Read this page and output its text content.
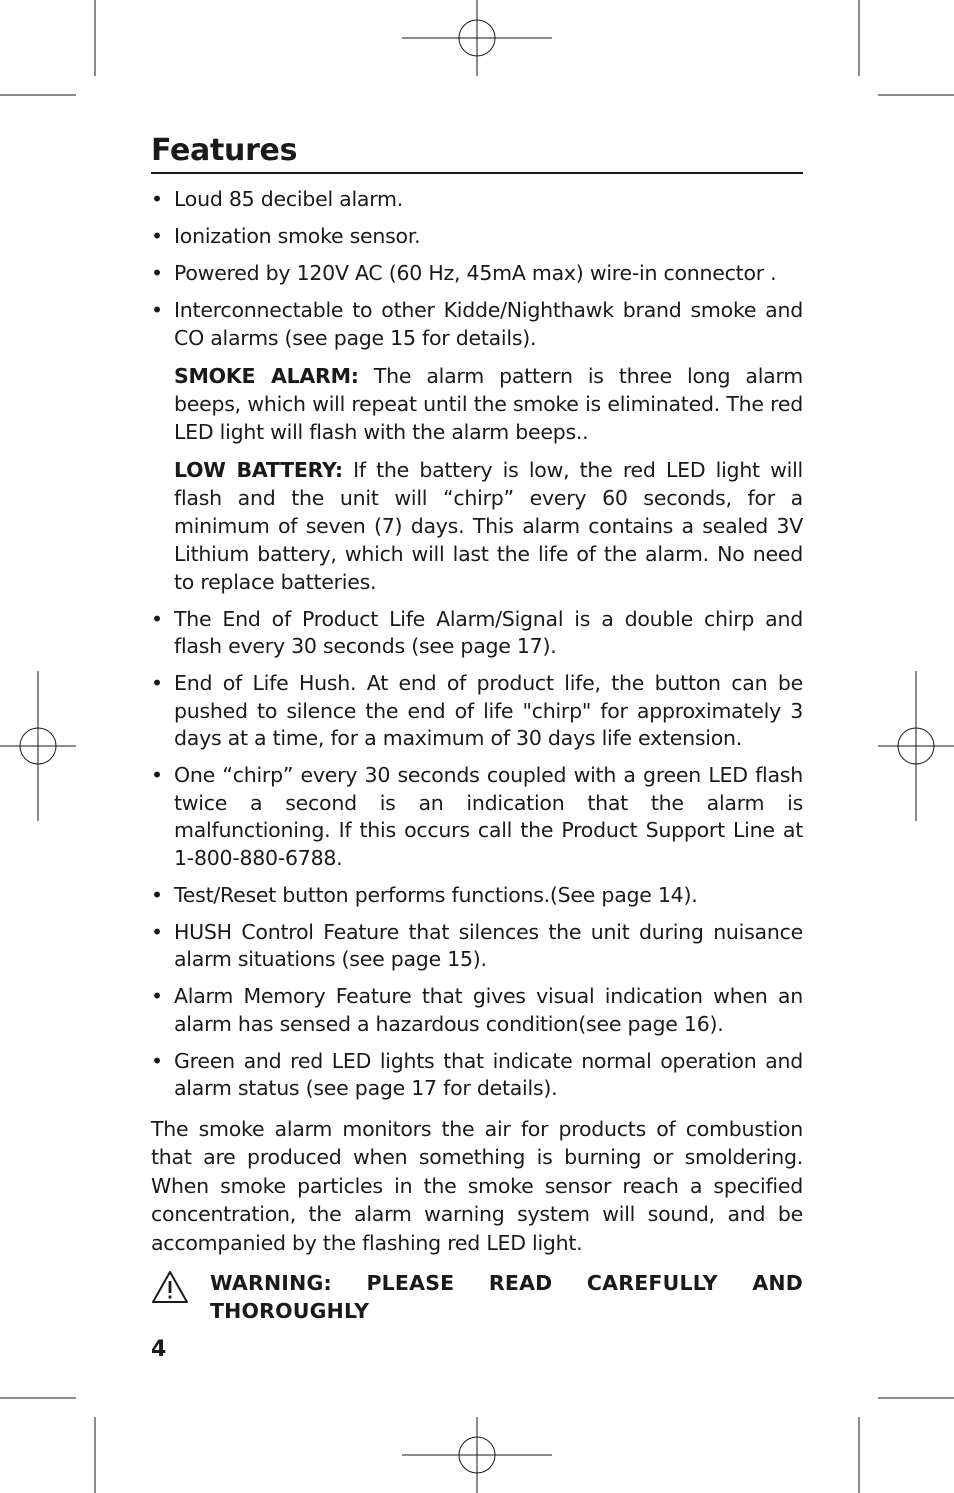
Features
• Loud 85 decibel alarm.
• Ionization smoke sensor.
• Powered by 120V AC (60 Hz, 45mA max) wire-in connector .
• Interconnectable to other Kidde/Nighthawk brand smoke and CO alarms (see page 15 for details).

SMOKE ALARM: The alarm pattern is three long alarm beeps, which will repeat until the smoke is eliminated. The red LED light will flash with the alarm beeps..

LOW BATTERY: If the battery is low, the red LED light will flash and the unit will “chirp” every 60 seconds, for a minimum of seven (7) days. This alarm contains a sealed 3V Lithium battery, which will last the life of the alarm. No need to replace batteries.

• The End of Product Life Alarm/Signal is a double chirp and flash every 30 seconds (see page 17).
• End of Life Hush. At end of product life, the button can be pushed to silence the end of life "chirp" for approximately 3 days at a time, for a maximum of 30 days life extension.
• One “chirp” every 30 seconds coupled with a green LED flash twice a second is an indication that the alarm is malfunctioning. If this occurs call the Product Support Line at 1-800-880-6788.
• Test/Reset button performs functions.(See page 14).
• HUSH Control Feature that silences the unit during nuisance alarm situations (see page 15).
• Alarm Memory Feature that gives visual indication when an alarm has sensed a hazardous condition(see page 16).
• Green and red LED lights that indicate normal operation and alarm status (see page 17 for details).

The smoke alarm monitors the air for products of combustion that are produced when something is burning or smoldering. When smoke particles in the smoke sensor reach a specified concentration, the alarm warning system will sound, and be accompanied by the flashing red LED light.

WARNING: PLEASE READ CAREFULLY AND THOROUGHLY
4
